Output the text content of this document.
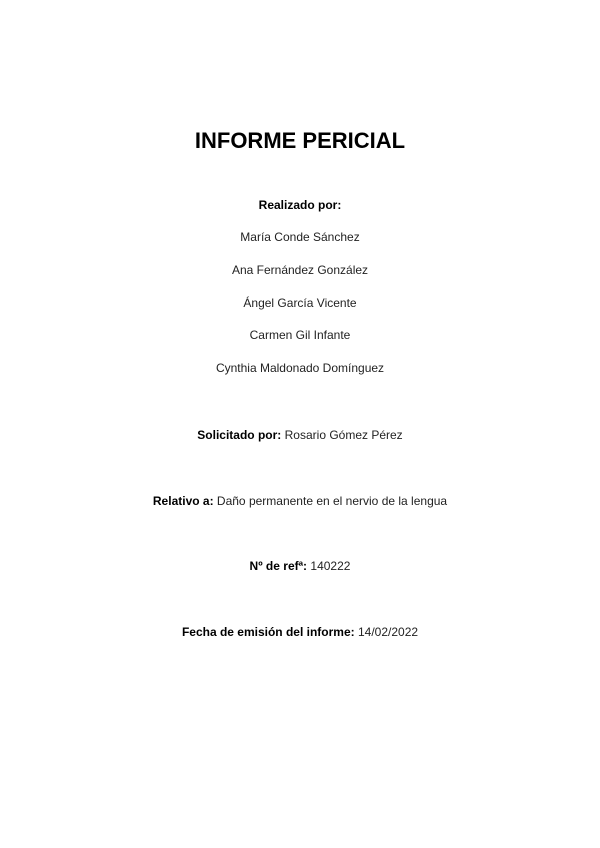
INFORME PERICIAL
Realizado por:
María Conde Sánchez
Ana Fernández González
Ángel García Vicente
Carmen Gil Infante
Cynthia Maldonado Domínguez
Solicitado por: Rosario Gómez Pérez
Relativo a: Daño permanente en el nervio de la lengua
Nº de refª: 140222
Fecha de emisión del informe: 14/02/2022
